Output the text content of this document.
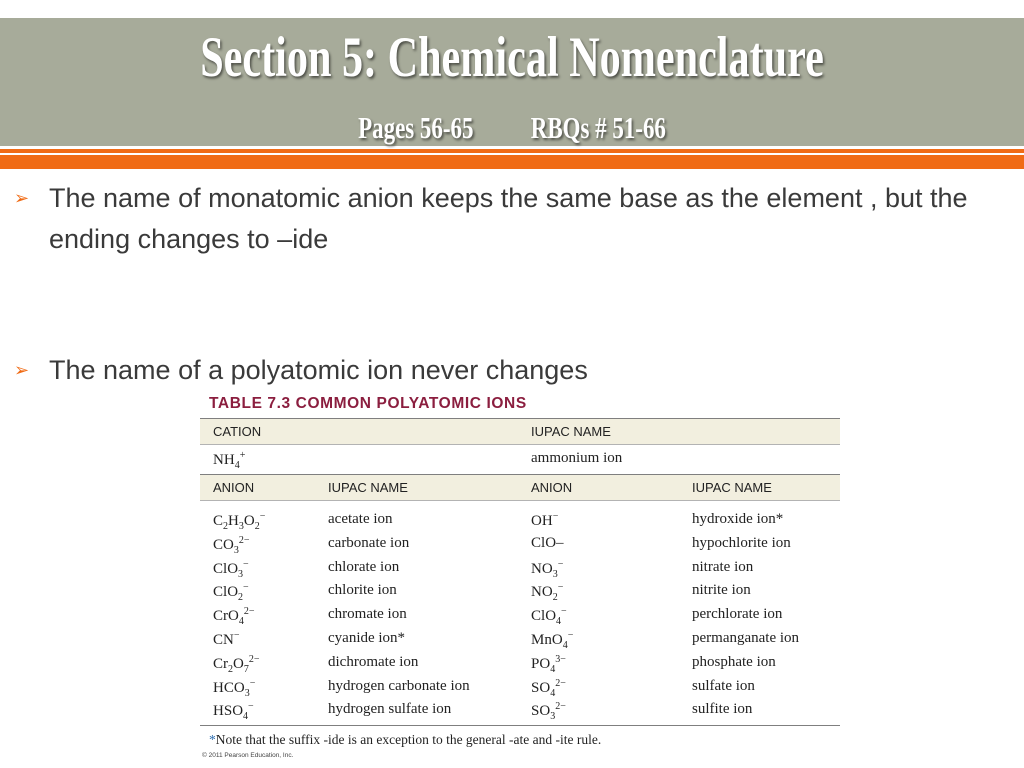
Section 5: Chemical Nomenclature
Pages 56-65          RBQs # 51-66
➢ The name of monatomic anion keeps the same base as the element , but the ending changes to –ide
➢ The name of a polyatomic ion never changes
TABLE 7.3 COMMON POLYATOMIC IONS
CATION	IUPAC NAME
$NH_4^+$	ammonium ion
ANION	IUPAC NAME	ANION	IUPAC NAME
$C_2H_3O_2^-$	acetate ion	OH−	hydroxide ion*
$CO_3^{2-}$	carbonate ion	ClO–	hypochlorite ion
ClO$_3$−	chlorate ion	$NO_3^-$	nitrate ion
ClO$_2$−	chlorite ion	$NO_2^-$	nitrite ion
CrO$_4^{2-}$	chromate ion	ClO$_4$−	perchlorate ion
CN−	cyanide ion*	MnO$_4$−	permanganate ion
$Cr_2O_7^{2-}$	dichromate ion	$PO_4^{3-}$	phosphate ion
$HCO_3^-$	hydrogen carbonate ion	$SO_4^{2-}$	sulfate ion
$HSO_4^-$	hydrogen sulfate ion	$SO_3^{2-}$	sulfite ion
*Note that the suffix -ide is an exception to the general -ate and -ite rule.
© 2011 Pearson Education, Inc.
